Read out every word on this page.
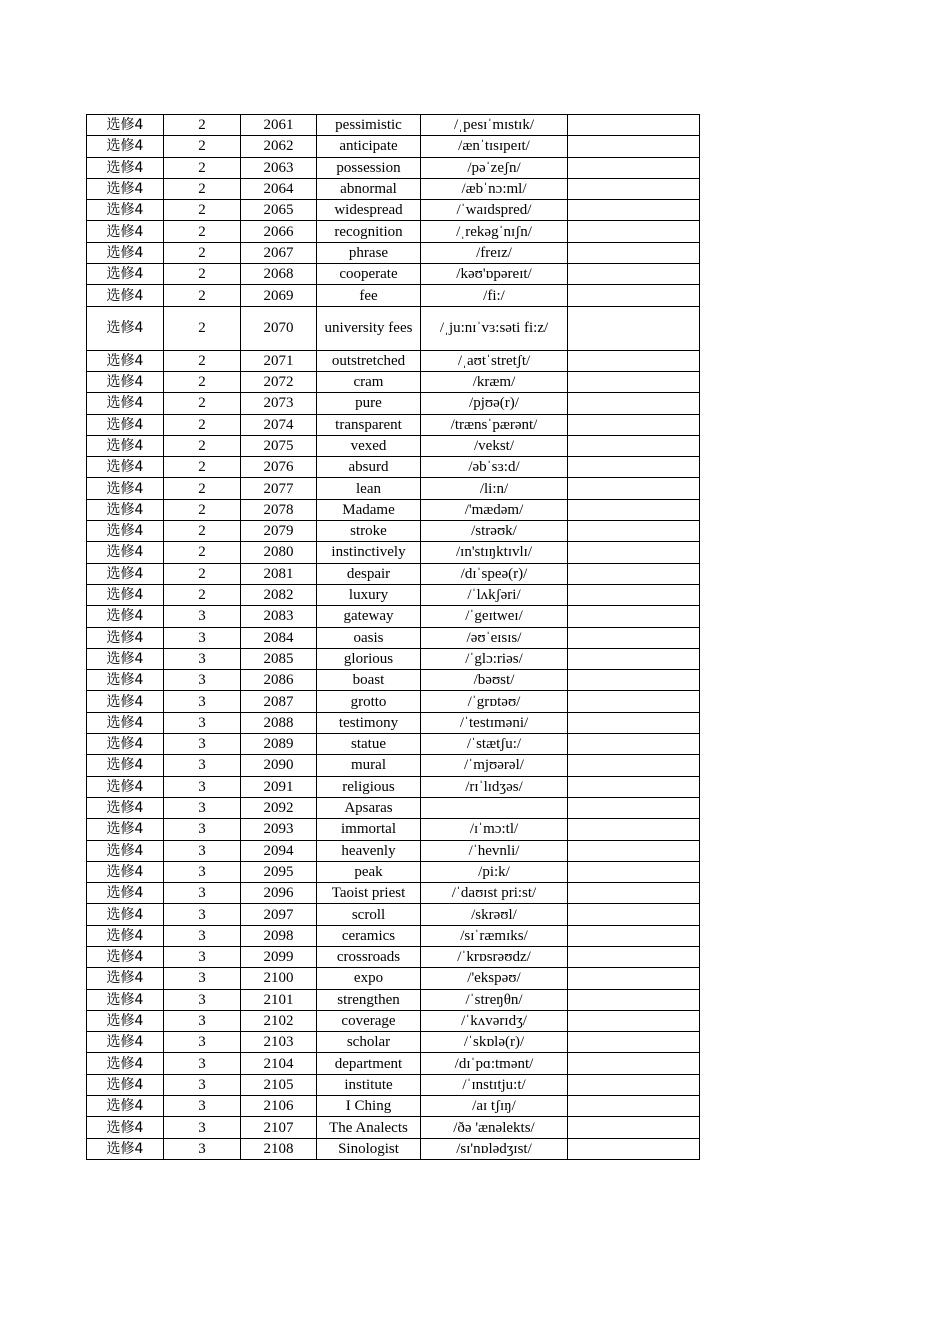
选修4	2	2061	pessimistic	/ˌpesɪˈmɪstɪk/	
选修4	2	2062	anticipate	/ænˈtɪsɪpeɪt/	
选修4	2	2063	possession	/pəˈzeʃn/	
选修4	2	2064	abnormal	/æbˈnɔ:ml/	
选修4	2	2065	widespread	/ˈwaɪdspred/	
选修4	2	2066	recognition	/ˌrekəgˈnɪʃn/	
选修4	2	2067	phrase	/freɪz/	
选修4	2	2068	cooperate	/kəʊ'ɒpəreɪt/	
选修4	2	2069	fee	/fi:/	
选修4	2	2070	university fees	/ˌju:nɪˈvɜ:səti fi:z/	
选修4	2	2071	outstretched	/ˌaʊtˈstretʃt/	
选修4	2	2072	cram	/kræm/	
选修4	2	2073	pure	/pjʊə(r)/	
选修4	2	2074	transparent	/trænsˈpærənt/	
选修4	2	2075	vexed	/vekst/	
选修4	2	2076	absurd	/əbˈsɜ:d/	
选修4	2	2077	lean	/li:n/	
选修4	2	2078	Madame	/'mædəm/	
选修4	2	2079	stroke	/strəʊk/	
选修4	2	2080	instinctively	/ɪn'stɪŋktɪvlɪ/	
选修4	2	2081	despair	/dɪˈspeə(r)/	
选修4	2	2082	luxury	/ˈlʌkʃəri/	
选修4	3	2083	gateway	/ˈgeɪtweɪ/	
选修4	3	2084	oasis	/əʊˈeɪsɪs/	
选修4	3	2085	glorious	/ˈglɔ:riəs/	
选修4	3	2086	boast	/bəʊst/	
选修4	3	2087	grotto	/ˈgrɒtəʊ/	
选修4	3	2088	testimony	/ˈtestɪməni/	
选修4	3	2089	statue	/ˈstætʃu:/	
选修4	3	2090	mural	/ˈmjʊərəl/	
选修4	3	2091	religious	/rɪˈlɪdʒəs/	
选修4	3	2092	Apsaras		
选修4	3	2093	immortal	/ɪˈmɔ:tl/	
选修4	3	2094	heavenly	/ˈhevnli/	
选修4	3	2095	peak	/pi:k/	
选修4	3	2096	Taoist priest	/ˈdaʊɪst pri:st/	
选修4	3	2097	scroll	/skrəʊl/	
选修4	3	2098	ceramics	/sɪˈræmɪks/	
选修4	3	2099	crossroads	/ˈkrɒsrəʊdz/	
选修4	3	2100	expo	/'ekspəʊ/	
选修4	3	2101	strengthen	/ˈstreŋθn/	
选修4	3	2102	coverage	/ˈkʌvərɪdʒ/	
选修4	3	2103	scholar	/ˈskɒlə(r)/	
选修4	3	2104	department	/dɪˈpɑ:tmənt/	
选修4	3	2105	institute	/ˈɪnstɪtju:t/	
选修4	3	2106	I Ching	/aɪ tʃɪŋ/	
选修4	3	2107	The Analects	/ðə 'ænəlekts/	
选修4	3	2108	Sinologist	/sɪ'nɒlədʒɪst/	
